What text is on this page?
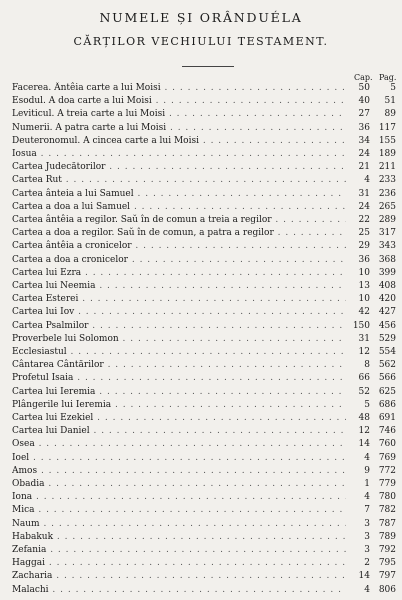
NUMELE ȘI ORÂNDUÉLA
CĂRȚILOR VECHIULUI TESTAMENT.
Cap. Pag.
Facerea. Ântêia carte a lui Moisi . . .	50	5
Esodul. A doa carte a lui Moisi . . .	40	51
Leviticul. A treia carte a lui Moisi . . .	27	89
Numerii. A patra carte a lui Moisi . . .	36 117
Deuteronomul. A cincea carte a lui Moisi . . .	34 155
Iosua . . .	24 189
Cartea Judecătorilor . . .	21 211
Cartea Rut . . .	4 233
Cartea ânteia a lui Samuel . . .	31 236
Cartea a doa a lui Samuel . . .	24 265
Cartea ântêia a regilor. Saŭ în de comun a treia a regilor . . .	22 289
Cartea a doa a regilor. Saŭ în de comun, a patra a regilor . . .	25 317
Cartea ântêia a cronicelor . . .	29 343
Cartea a doa a cronicelor . . .	36 368
Cartea lui Ezra . . .	10 399
Cartea lui Neemia . . .	13 408
Cartea Esterei . . .	10 420
Cartea lui Iov . . .	42 427
Cartea Psalmilor . . .	150 456
Proverbele lui Solomon . . .	31 529
Ecclesiastul . . .	12 554
Cântarea Cântărilor . . .	8 562
Profetul Isaia . . .	66 566
Cartea lui Ieremia . . .	52 625
Plângerile lui Ieremia . . .	5 686
Cartea lui Ezekiel . . .	48 691
Cartea lui Daniel . . .	12 746
Osea . . .	14 760
Ioel . . .	4 769
Amos . . .	9 772
Obadia . . .	1 779
Iona . . .	4 780
Mica . . .	7 782
Naum . . .	3 787
Habakuk . . .	3 789
Zefania . . .	3 792
Haggai . . .	2 795
Zacharia . . .	14 797
Malachi . . .	4 806
